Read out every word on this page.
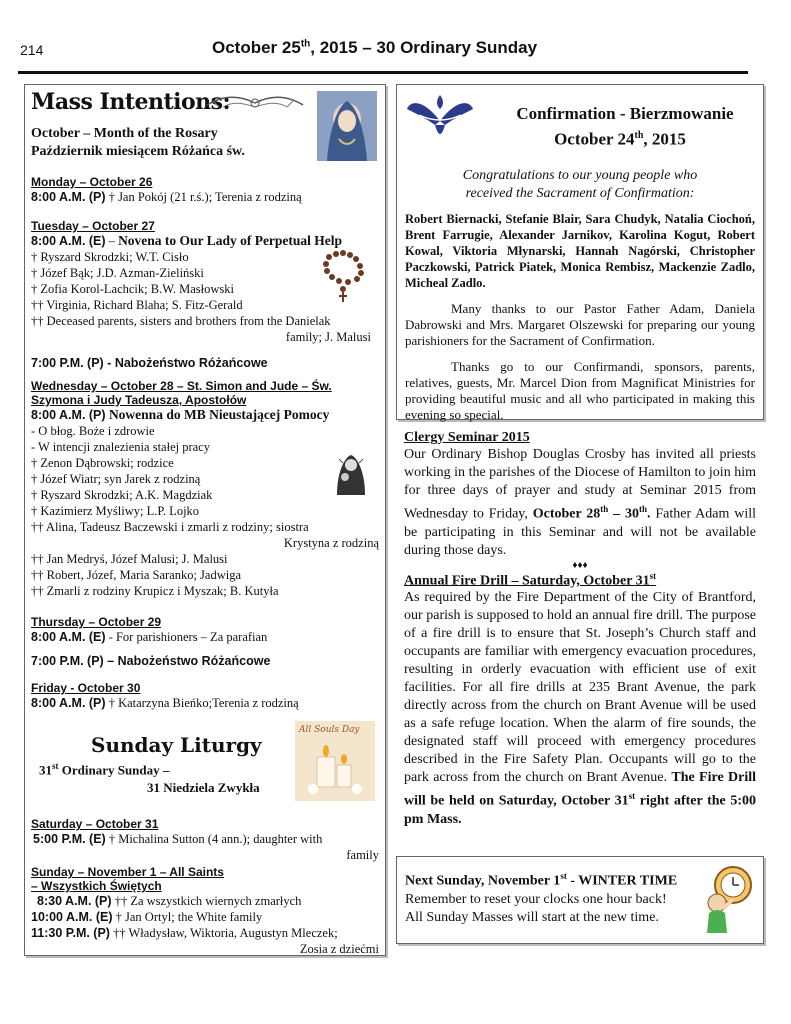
214	October 25th, 2015 – 30 Ordinary Sunday
Mass Intentions:
October – Month of the Rosary
Październik miesiącem Różańca św.
Monday – October 26
8:00 A.M. (P) † Jan Pokój (21 r.ś.); Terenia z rodziną
Tuesday – October 27
8:00 A.M. (E) – Novena to Our Lady of Perpetual Help
† Ryszard Skrodzki; W.T. Cisło
† Józef Bąk; J.D. Azman-Zieliński
† Zofia Korol-Lachcik; B.W. Masłowski
†† Virginia, Richard Blaha; S. Fitz-Gerald
†† Deceased parents, sisters and brothers from the Danielak
family; J. Malusi
7:00 P.M. (P) - Nabożeństwo Różańcowe
Wednesday – October 28 – St. Simon and Jude – Św.
Szymona i Judy Tadeusza, Apostołów
8:00 A.M. (P) Nowenna do MB Nieustającej Pomocy
- O błog. Boże i zdrowie
- W intencji znalezienia stałej pracy
† Zenon Dąbrowski; rodzice
† Józef Wiatr; syn Jarek z rodziną
† Ryszard Skrodzki; A.K. Magdziak
† Kazimierz Myśliwy; L.P. Lojko
†† Alina, Tadeusz Baczewski i zmarli z rodziny; siostra
Krystyna z rodziną
†† Jan Medryś, Józef Malusi; J. Malusi
†† Robert, Józef, Maria Saranko; Jadwiga
†† Zmarli z rodziny Krupicz i Myszak; B. Kutyła
Thursday – October 29
8:00 A.M. (E) - For parishioners – Za parafian
7:00 P.M. (P) – Nabożeństwo Różańcowe
Friday - October 30
8:00 A.M. (P) † Katarzyna Bieńko;Terenia z rodziną
Sunday Liturgy
31st Ordinary Sunday –
31 Niedziela Zwykła
All Souls Day
Saturday – October 31
5:00 P.M. (E) † Michalina Sutton (4 ann.); daughter with
family
Sunday – November 1 – All Saints
– Wszystkich Świętych
8:30 A.M. (P) †† Za wszystkich wiernych zmarłych
10:00 A.M. (E) † Jan Ortyl; the White family
11:30 P.M. (P) †† Władysław, Wiktoria, Augustyn Mleczek;
Zosia z dziećmi
Confirmation - Bierzmowanie
October 24th, 2015
Congratulations to our young people who
received the Sacrament of Confirmation:
Robert Biernacki, Stefanie Blair, Sara Chudyk, Natalia Ciochoń, Brent Farrugie, Alexander Jarnikov, Karolina Kogut, Robert Kowal, Viktoria Młynarski, Hannah Nagórski, Christopher Paczkowski, Patrick Piatek, Monica Rembisz, Mackenzie Zadlo, Micheal Zadlo.
Many thanks to our Pastor Father Adam, Daniela Dabrowski and Mrs. Margaret Olszewski for preparing our young parishioners for the Sacrament of Confirmation.
Thanks go to our Confirmandi, sponsors, parents, relatives, guests, Mr. Marcel Dion from Magnificat Ministries for providing beautiful music and all who participated in making this evening so special.
Clergy Seminar 2015
Our Ordinary Bishop Douglas Crosby has invited all priests working in the parishes of the Diocese of Hamilton to join him for three days of prayer and study at Seminar 2015 from Wednesday to Friday, October 28th – 30th. Father Adam will be participating in this Seminar and will not be available during those days.
♦♦♦
Annual Fire Drill – Saturday, October 31st
As required by the Fire Department of the City of Brantford, our parish is supposed to hold an annual fire drill. The purpose of a fire drill is to ensure that St. Joseph’s Church staff and occupants are familiar with emergency evacuation procedures, resulting in orderly evacuation with efficient use of exit facilities. For all fire drills at 235 Brant Avenue, the park directly across from the church on Brant Avenue will be used as a safe refuge location. When the alarm of fire sounds, the designated staff will proceed with emergency procedures described in the Fire Safety Plan. Occupants will go to the park across from the church on Brant Avenue. The Fire Drill will be held on Saturday, October 31st right after the 5:00 pm Mass.
Next Sunday, November 1st - WINTER TIME
Remember to reset your clocks one hour back!
All Sunday Masses will start at the new time.
